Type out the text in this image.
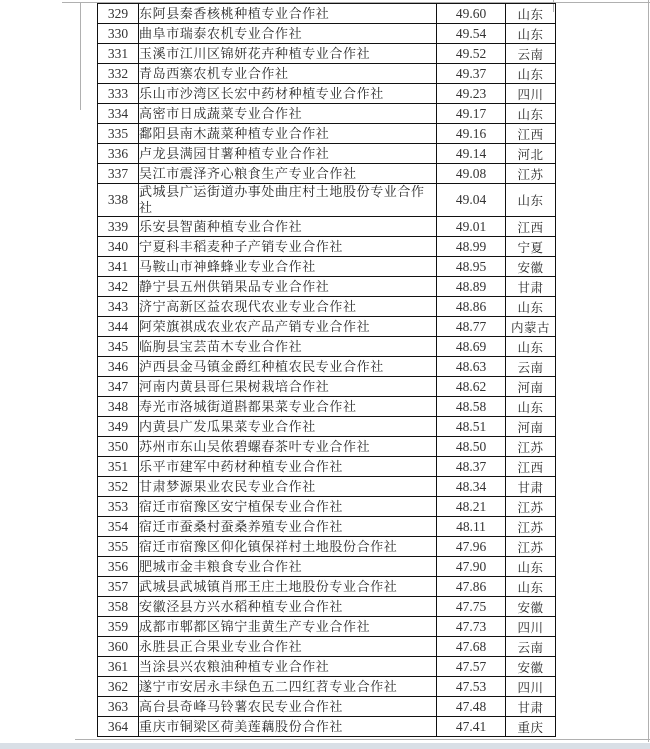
329	东阿县秦香核桃种植专业合作社	49.60	山东
330	曲阜市瑞泰农机专业合作社	49.54	山东
331	玉溪市江川区锦妍花卉种植专业合作社	49.52	云南
332	青岛西寨农机专业合作社	49.37	山东
333	乐山市沙湾区长宏中药材种植专业合作社	49.23	四川
334	高密市日成蔬菜专业合作社	49.17	山东
335	鄱阳县南木蔬菜种植专业合作社	49.16	江西
336	卢龙县满园甘薯种植专业合作社	49.14	河北
337	吴江市震泽齐心粮食生产专业合作社	49.08	江苏
338	武城县广运街道办事处曲庄村土地股份专业合作社	49.04	山东
339	乐安县智菌种植专业合作社	49.01	江西
340	宁夏科丰稻麦种子产销专业合作社	48.99	宁夏
341	马鞍山市神蜂蜂业专业合作社	48.95	安徽
342	静宁县五州供销果品专业合作社	48.89	甘肃
343	济宁高新区益农现代农业专业合作社	48.86	山东
344	阿荣旗祺成农业农产品产销专业合作社	48.77	内蒙古
345	临朐县宝芸苗木专业合作社	48.69	山东
346	泸西县金马镇金爵红种植农民专业合作社	48.63	云南
347	河南内黄县哥仨果树栽培合作社	48.62	河南
348	寿光市洛城街道斟都果菜专业合作社	48.58	山东
349	内黄县广发瓜果菜专业合作社	48.51	河南
350	苏州市东山吴侬碧螺春茶叶专业合作社	48.50	江苏
351	乐平市建军中药材种植专业合作社	48.37	江西
352	甘肃梦源果业农民专业合作社	48.34	甘肃
353	宿迁市宿豫区安宁植保专业合作社	48.21	江苏
354	宿迁市蚕桑村蚕桑养殖专业合作社	48.11	江苏
355	宿迁市宿豫区仰化镇保祥村土地股份合作社	47.96	江苏
356	肥城市金丰粮食专业合作社	47.90	山东
357	武城县武城镇肖邢王庄土地股份专业合作社	47.86	山东
358	安徽泾县方兴水稻种植专业合作社	47.75	安徽
359	成都市郫都区锦宁韭黄生产专业合作社	47.73	四川
360	永胜县正合果业专业合作社	47.68	云南
361	当涂县兴农粮油种植专业合作社	47.57	安徽
362	遂宁市安居永丰绿色五二四红苕专业合作社	47.53	四川
363	高台县奇峰马铃薯农民专业合作社	47.48	甘肃
364	重庆市铜梁区荷美莲藕股份合作社	47.41	重庆
